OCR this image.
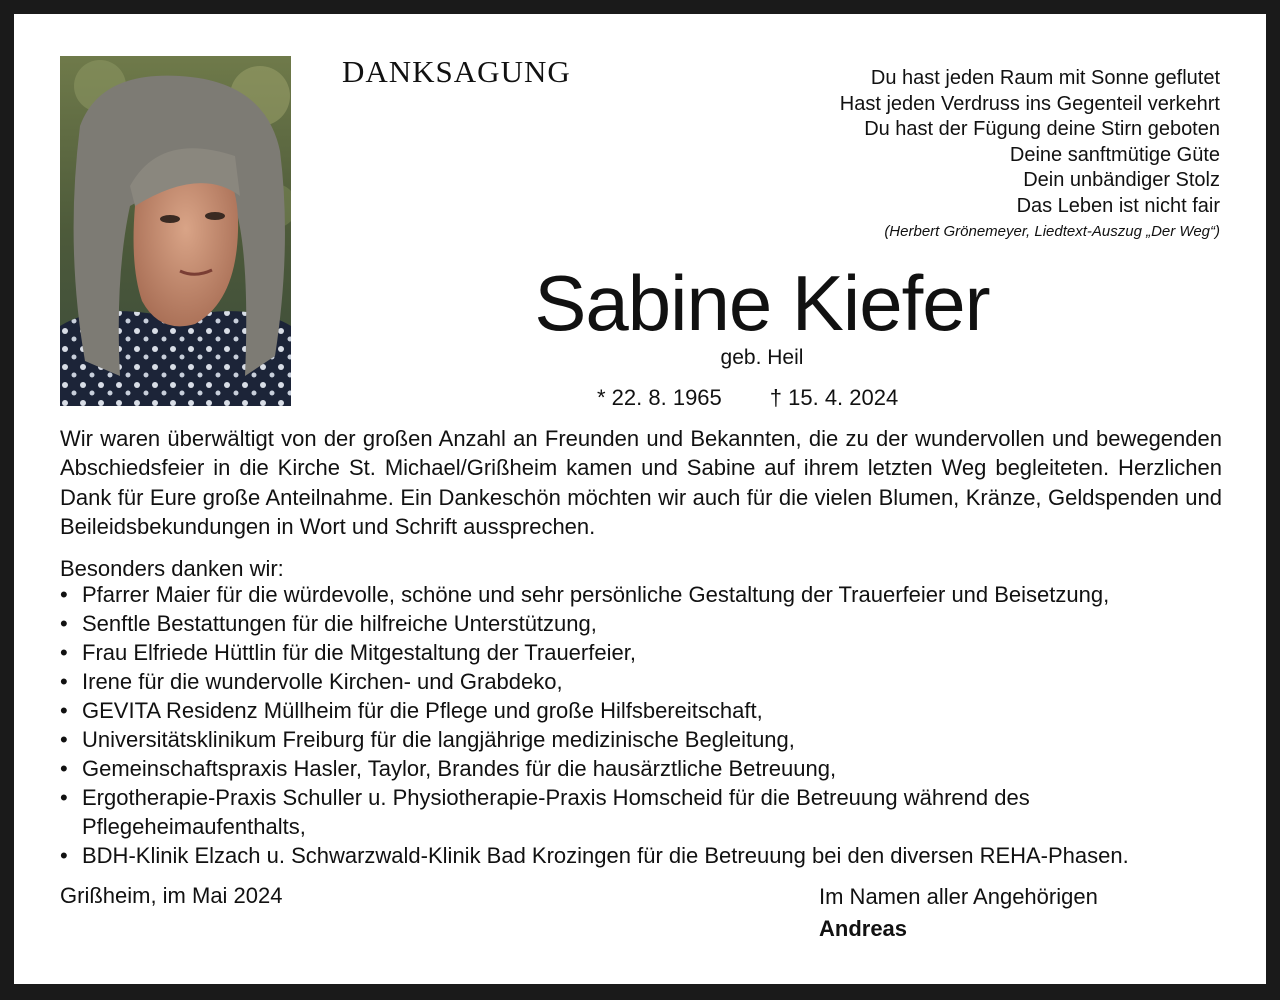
DANKSAGUNG	Du hast jeden Raum mit Sonne geflutet
Hast jeden Verdruss ins Gegenteil verkehrt
Du hast der Fügung deine Stirn geboten
Deine sanftmütige Güte
Dein unbändiger Stolz
Das Leben ist nicht fair
(Herbert Grönemeyer, Liedtext-Auszug „Der Weg“)
Sabine Kiefer
geb. Heil
* 22. 8. 1965 † 15. 4. 2024
Wir waren überwältigt von der großen Anzahl an Freunden und Bekannten, die zu der wundervollen und bewegenden Abschiedsfeier in die Kirche St. Michael/Grißheim kamen und Sabine auf ihrem letzten Weg begleiteten. Herzlichen Dank für Eure große Anteilnahme. Ein Dankeschön möchten wir auch für die vielen Blumen, Kränze, Geldspenden und Beileidsbekundungen in Wort und Schrift aussprechen.
Besonders danken wir:
• Pfarrer Maier für die würdevolle, schöne und sehr persönliche Gestaltung der Trauerfeier und Beisetzung,
• Senftle Bestattungen für die hilfreiche Unterstützung,
• Frau Elfriede Hüttlin für die Mitgestaltung der Trauerfeier,
• Irene für die wundervolle Kirchen- und Grabdeko,
• GEVITA Residenz Müllheim für die Pflege und große Hilfsbereitschaft,
• Universitätsklinikum Freiburg für die langjährige medizinische Begleitung,
• Gemeinschaftspraxis Hasler, Taylor, Brandes für die hausärztliche Betreuung,
• Ergotherapie-Praxis Schuller u. Physiotherapie-Praxis Homscheid für die Betreuung während des Pflegeheimaufenthalts,
• BDH-Klinik Elzach u. Schwarzwald-Klinik Bad Krozingen für die Betreuung bei den diversen REHA-Phasen.
Grißheim, im Mai 2024	Im Namen aller Angehörigen
Andreas
